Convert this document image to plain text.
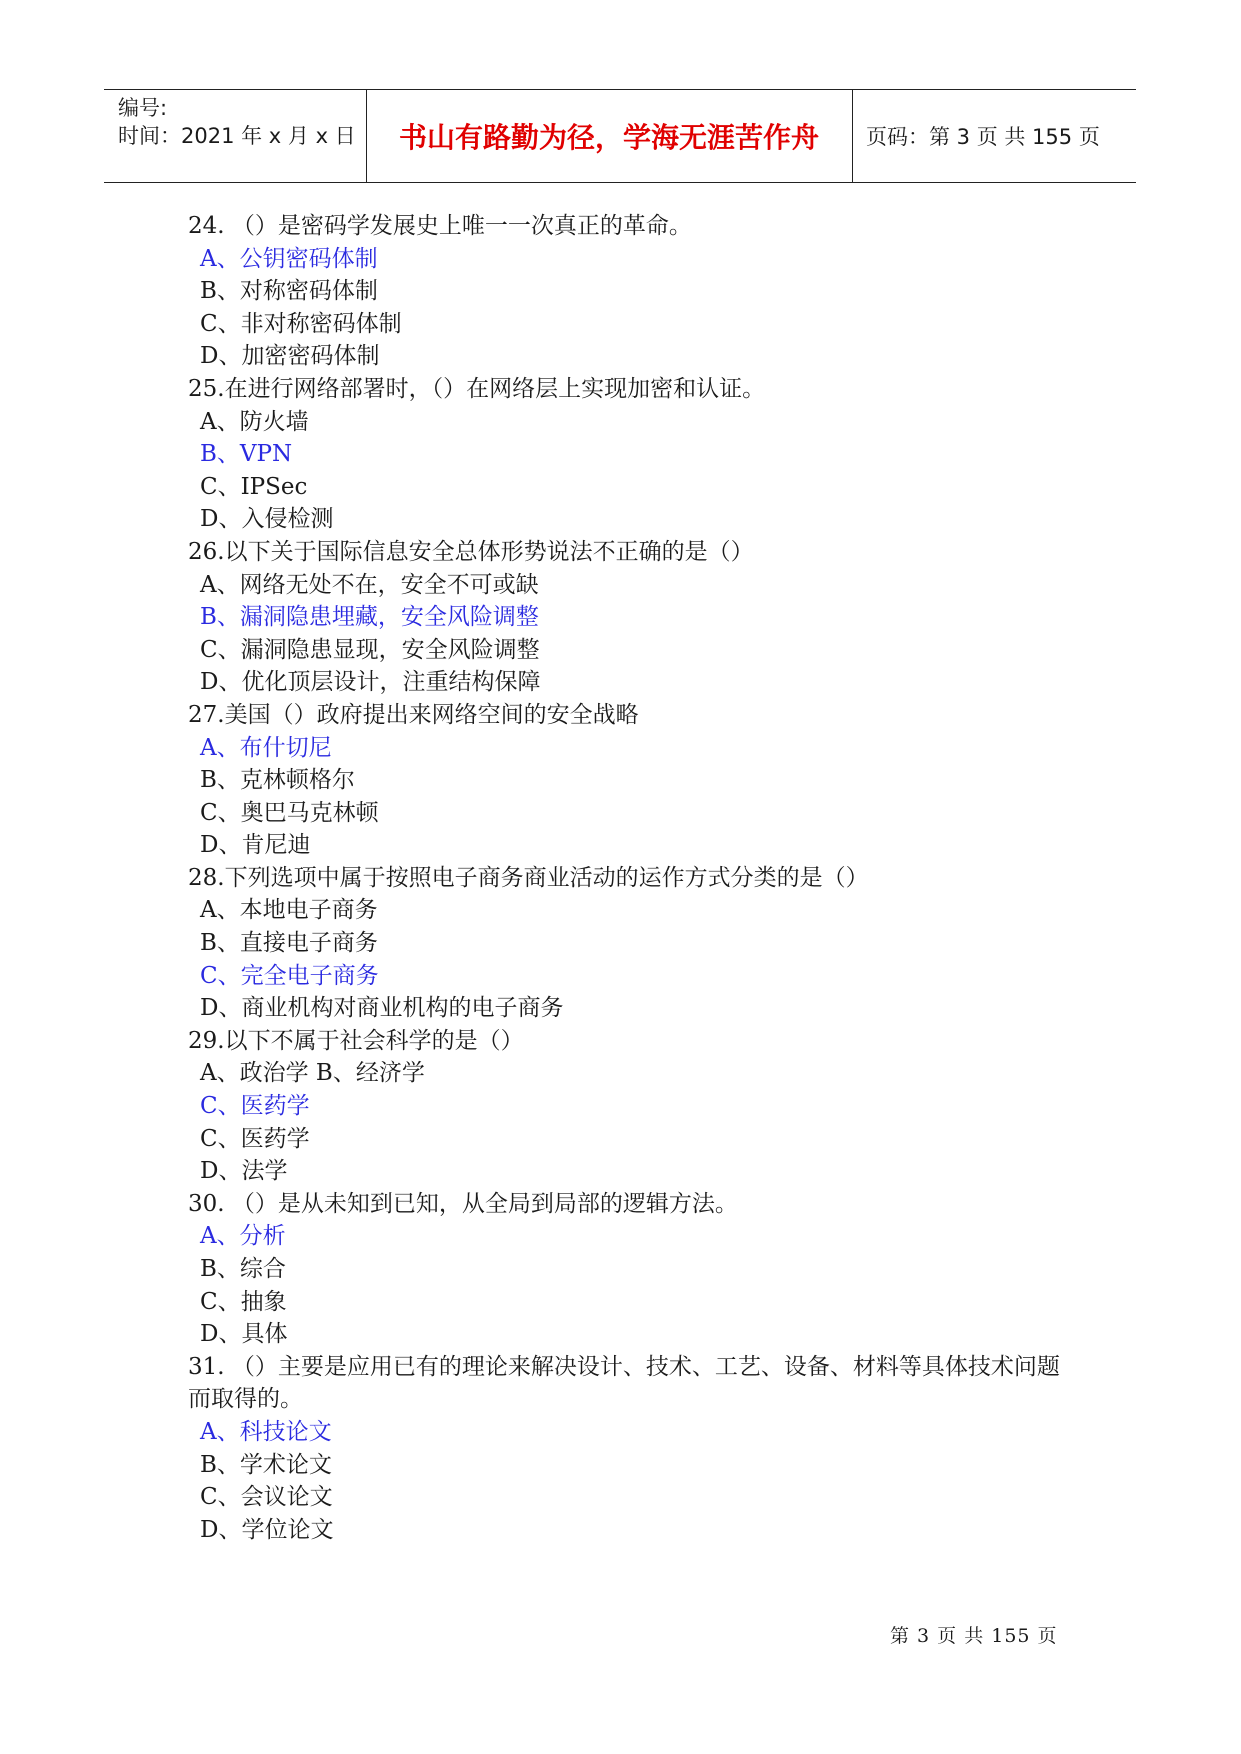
编号:
时间：2021 年 x 月 x 日	书山有路勤为径，学海无涯苦作舟	页码：第 3 页 共 155 页
24. （）是密码学发展史上唯一一次真正的革命。
A、公钥密码体制
B、对称密码体制
C、非对称密码体制
D、加密密码体制
25.在进行网络部署时，（）在网络层上实现加密和认证。
A、防火墙
B、VPN
C、IPSec
D、入侵检测
26.以下关于国际信息安全总体形势说法不正确的是（）
A、网络无处不在，安全不可或缺
B、漏洞隐患埋藏，安全风险调整
C、漏洞隐患显现，安全风险调整
D、优化顶层设计，注重结构保障
27.美国（）政府提出来网络空间的安全战略
A、布什切尼
B、克林顿格尔
C、奥巴马克林顿
D、肯尼迪
28.下列选项中属于按照电子商务商业活动的运作方式分类的是（）
A、本地电子商务
B、直接电子商务
C、完全电子商务
D、商业机构对商业机构的电子商务
29.以下不属于社会科学的是（）
A、政治学 B、经济学
C、医药学
C、医药学
D、法学
30. （）是从未知到已知，从全局到局部的逻辑方法。
A、分析
B、综合
C、抽象
D、具体
31. （）主要是应用已有的理论来解决设计、技术、工艺、设备、材料等具体技术问题而取得的。
A、科技论文
B、学术论文
C、会议论文
D、学位论文
第 3 页 共 155 页
